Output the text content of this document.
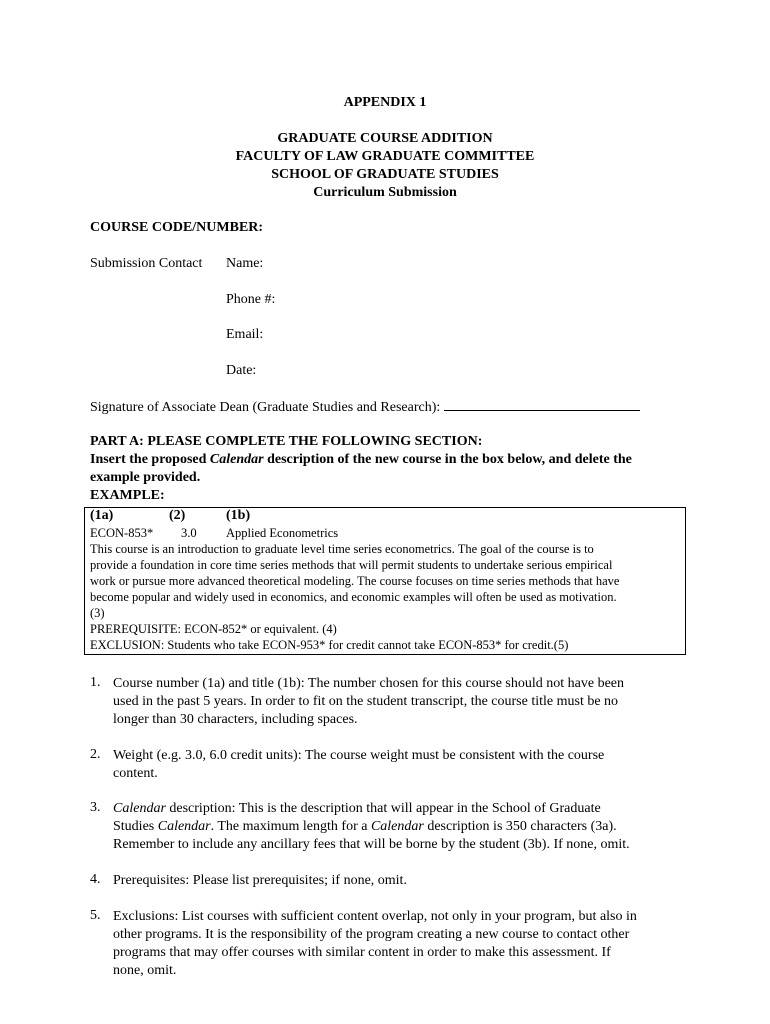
APPENDIX 1
GRADUATE COURSE ADDITION
FACULTY OF LAW GRADUATE COMMITTEE
SCHOOL OF GRADUATE STUDIES
Curriculum Submission
COURSE CODE/NUMBER:
Submission Contact Name:
Phone #:
Email:
Date:
Signature of Associate Dean (Graduate Studies and Research):
PART A: PLEASE COMPLETE THE FOLLOWING SECTION:
Insert the proposed Calendar description of the new course in the box below, and delete the
example provided.
EXAMPLE:
(1a)	(2)	(1b)
ECON-853* 3.0 Applied Econometrics
This course is an introduction to graduate level time series econometrics. The goal of the course is to
provide a foundation in core time series methods that will permit students to undertake serious empirical
work or pursue more advanced theoretical modeling. The course focuses on time series methods that have
become popular and widely used in economics, and economic examples will often be used as motivation.
(3)
PREREQUISITE: ECON-852* or equivalent. (4)
EXCLUSION: Students who take ECON-953* for credit cannot take ECON-853* for credit.(5)
1. Course number (1a) and title (1b): The number chosen for this course should not have been
used in the past 5 years. In order to fit on the student transcript, the course title must be no
longer than 30 characters, including spaces.
2. Weight (e.g. 3.0, 6.0 credit units): The course weight must be consistent with the course
content.
3. Calendar description: This is the description that will appear in the School of Graduate
Studies Calendar. The maximum length for a Calendar description is 350 characters (3a).
Remember to include any ancillary fees that will be borne by the student (3b). If none, omit.
4. Prerequisites: Please list prerequisites; if none, omit.
5. Exclusions: List courses with sufficient content overlap, not only in your program, but also in
other programs. It is the responsibility of the program creating a new course to contact other
programs that may offer courses with similar content in order to make this assessment. If
none, omit.
